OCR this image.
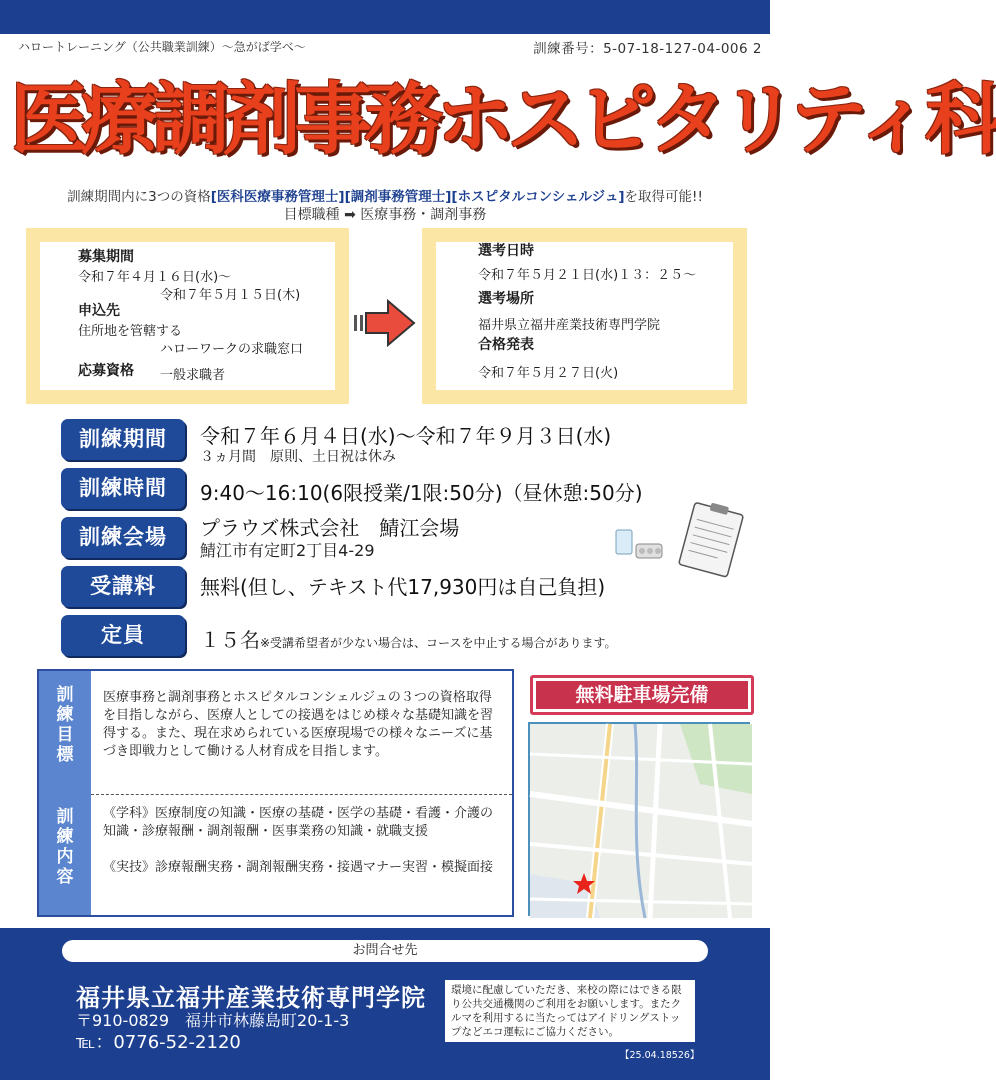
ハロートレーニング（公共職業訓練）～急がば学べ～	訓練番号：5-07-18-127-04-006 2
医療調剤事務ホスピタリティ科
訓練期間内に3つの資格[医科医療事務管理士][調剤事務管理士][ホスピタルコンシェルジュ]を取得可能!!
目標職種 ➡ 医療事務・調剤事務
募集期間
令和７年４月１６日(水)～
令和７年５月１５日(木)
申込先
住所地を管轄する
ハローワークの求職窓口
応募資格 一般求職者
選考日時
令和７年５月２１日(水)１３：２５～
選考場所
福井県立福井産業技術専門学院
合格発表
令和７年５月２７日(火)
訓練期間	令和７年６月４日(水)～令和７年９月３日(水)
３ヵ月間　原則、土日祝は休み
訓練時間	9:40～16:10(6限授業/1限:50分)（昼休憩:50分)
訓練会場	プラウズ株式会社　鯖江会場
鯖江市有定町2丁目4-29
受講料	無料(但し、テキスト代17,930円は自己負担)
定員	１５名※受講希望者が少ない場合は、コースを中止する場合があります。
訓
練
目
標
医療事務と調剤事務とホスピタルコンシェルジュの３つの資格取得を目指しながら、医療人としての接遇をはじめ様々な基礎知識を習得する。また、現在求められている医療現場での様々なニーズに基づき即戦力として働ける人材育成を目指します。
訓
練
内
容
《学科》医療制度の知識・医療の基礎・医学の基礎・看護・介護の知識・診療報酬・調剤報酬・医事業務の知識・就職支援
《実技》診療報酬実務・調剤報酬実務・接遇マナー実習・模擬面接
無料駐車場完備
お問合せ先
福井県立福井産業技術専門学院
〒910-0829　福井市林藤島町20-1-3
℡：0776-52-2120
環境に配慮していただき、来校の際にはできる限り公共交通機関のご利用をお願いします。またクルマを利用するに当たってはアイドリングストップなどエコ運転にご協力ください。
【25.04.18526】
